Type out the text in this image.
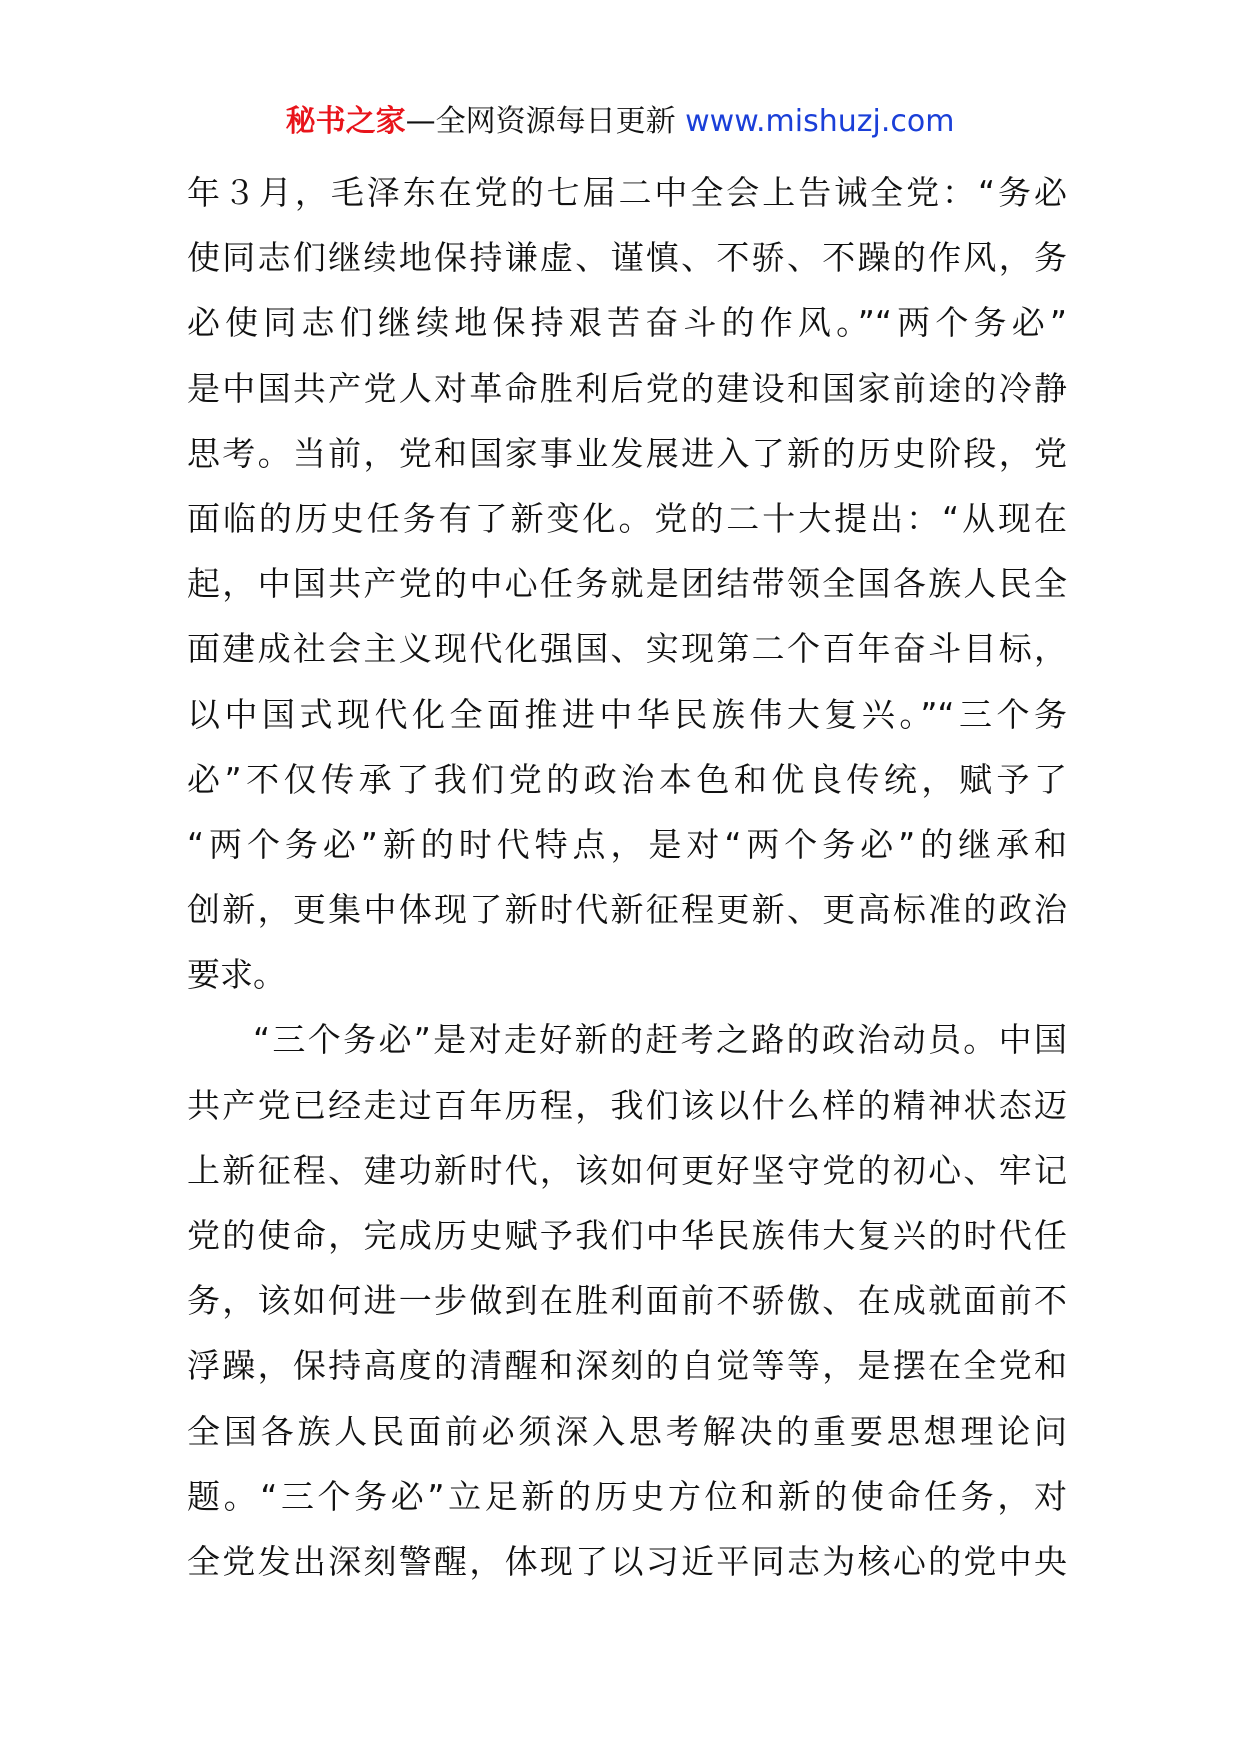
秘书之家—全网资源每日更新 www.mishuzj.com
年３月，毛泽东在党的七届二中全会上告诫全党：“务必
使同志们继续地保持谦虚、谨慎、不骄、不躁的作风，务
必使同志们继续地保持艰苦奋斗的作风。”“两个务必”
是中国共产党人对革命胜利后党的建设和国家前途的冷静
思考。当前，党和国家事业发展进入了新的历史阶段，党
面临的历史任务有了新变化。党的二十大提出：“从现在
起，中国共产党的中心任务就是团结带领全国各族人民全
面建成社会主义现代化强国、实现第二个百年奋斗目标，
以中国式现代化全面推进中华民族伟大复兴。”“三个务
必”不仅传承了我们党的政治本色和优良传统，赋予了
“两个务必”新的时代特点，是对“两个务必”的继承和
创新，更集中体现了新时代新征程更新、更高标准的政治
要求。
“三个务必”是对走好新的赶考之路的政治动员。中国
共产党已经走过百年历程，我们该以什么样的精神状态迈
上新征程、建功新时代，该如何更好坚守党的初心、牢记
党的使命，完成历史赋予我们中华民族伟大复兴的时代任
务，该如何进一步做到在胜利面前不骄傲、在成就面前不
浮躁，保持高度的清醒和深刻的自觉等等，是摆在全党和
全国各族人民面前必须深入思考解决的重要思想理论问
题。“三个务必”立足新的历史方位和新的使命任务，对
全党发出深刻警醒，体现了以习近平同志为核心的党中央
